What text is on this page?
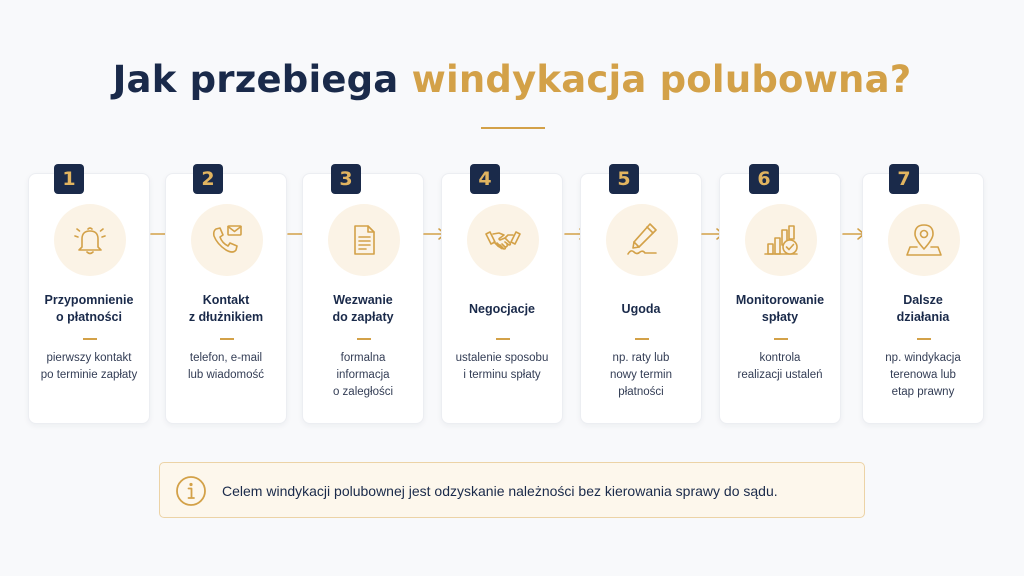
Jak przebiega windykacja polubowna?
Przypomnienie
o płatności
pierwszy kontakt
po terminie zapłaty
1
Kontakt
z dłużnikiem
telefon, e-mail
lub wiadomość
2
Wezwanie
do zapłaty
formalna
informacja
o zaległości
3
Negocjacje
ustalenie sposobu
i terminu spłaty
4
Ugoda
np. raty lub
nowy termin
płatności
5
Monitorowanie
spłaty
kontrola
realizacji ustaleń
6
Dalsze
działania
np. windykacja
terenowa lub
etap prawny
7
Celem windykacji polubownej jest odzyskanie należności bez kierowania sprawy do sądu.
